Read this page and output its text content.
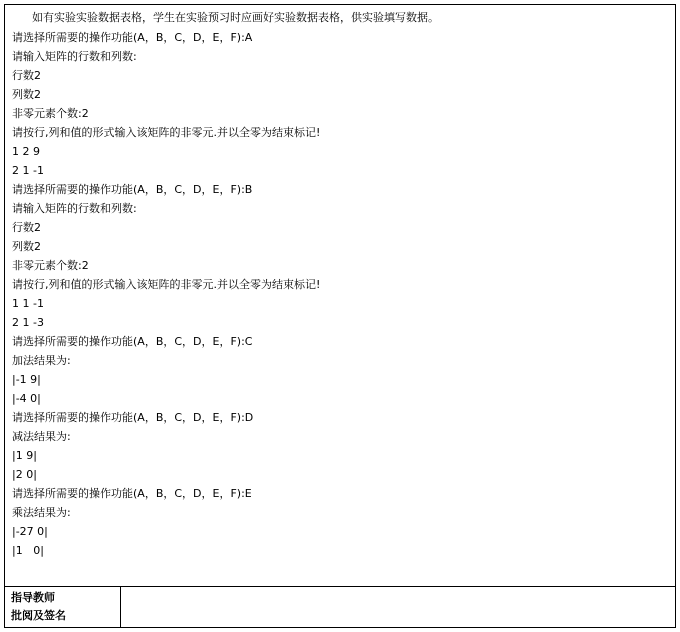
如有实验实验数据表格，学生在实验预习时应画好实验数据表格，供实验填写数据。
请选择所需要的操作功能(A，B，C，D，E，F):A
请输入矩阵的行数和列数:
行数2
列数2
非零元素个数:2
请按行,列和值的形式输入该矩阵的非零元.并以全零为结束标记!
1 2 9
2 1 -1
请选择所需要的操作功能(A，B，C，D，E，F):B
请输入矩阵的行数和列数:
行数2
列数2
非零元素个数:2
请按行,列和值的形式输入该矩阵的非零元.并以全零为结束标记!
1 1 -1
2 1 -3
请选择所需要的操作功能(A，B，C，D，E，F):C
加法结果为:
|-1 9|
|-4 0|
请选择所需要的操作功能(A，B，C，D，E，F):D
减法结果为:
|1 9|
|2 0|
请选择所需要的操作功能(A，B，C，D，E，F):E
乘法结果为:
|-27 0|
|1   0|
指导教师
批阅及签名
